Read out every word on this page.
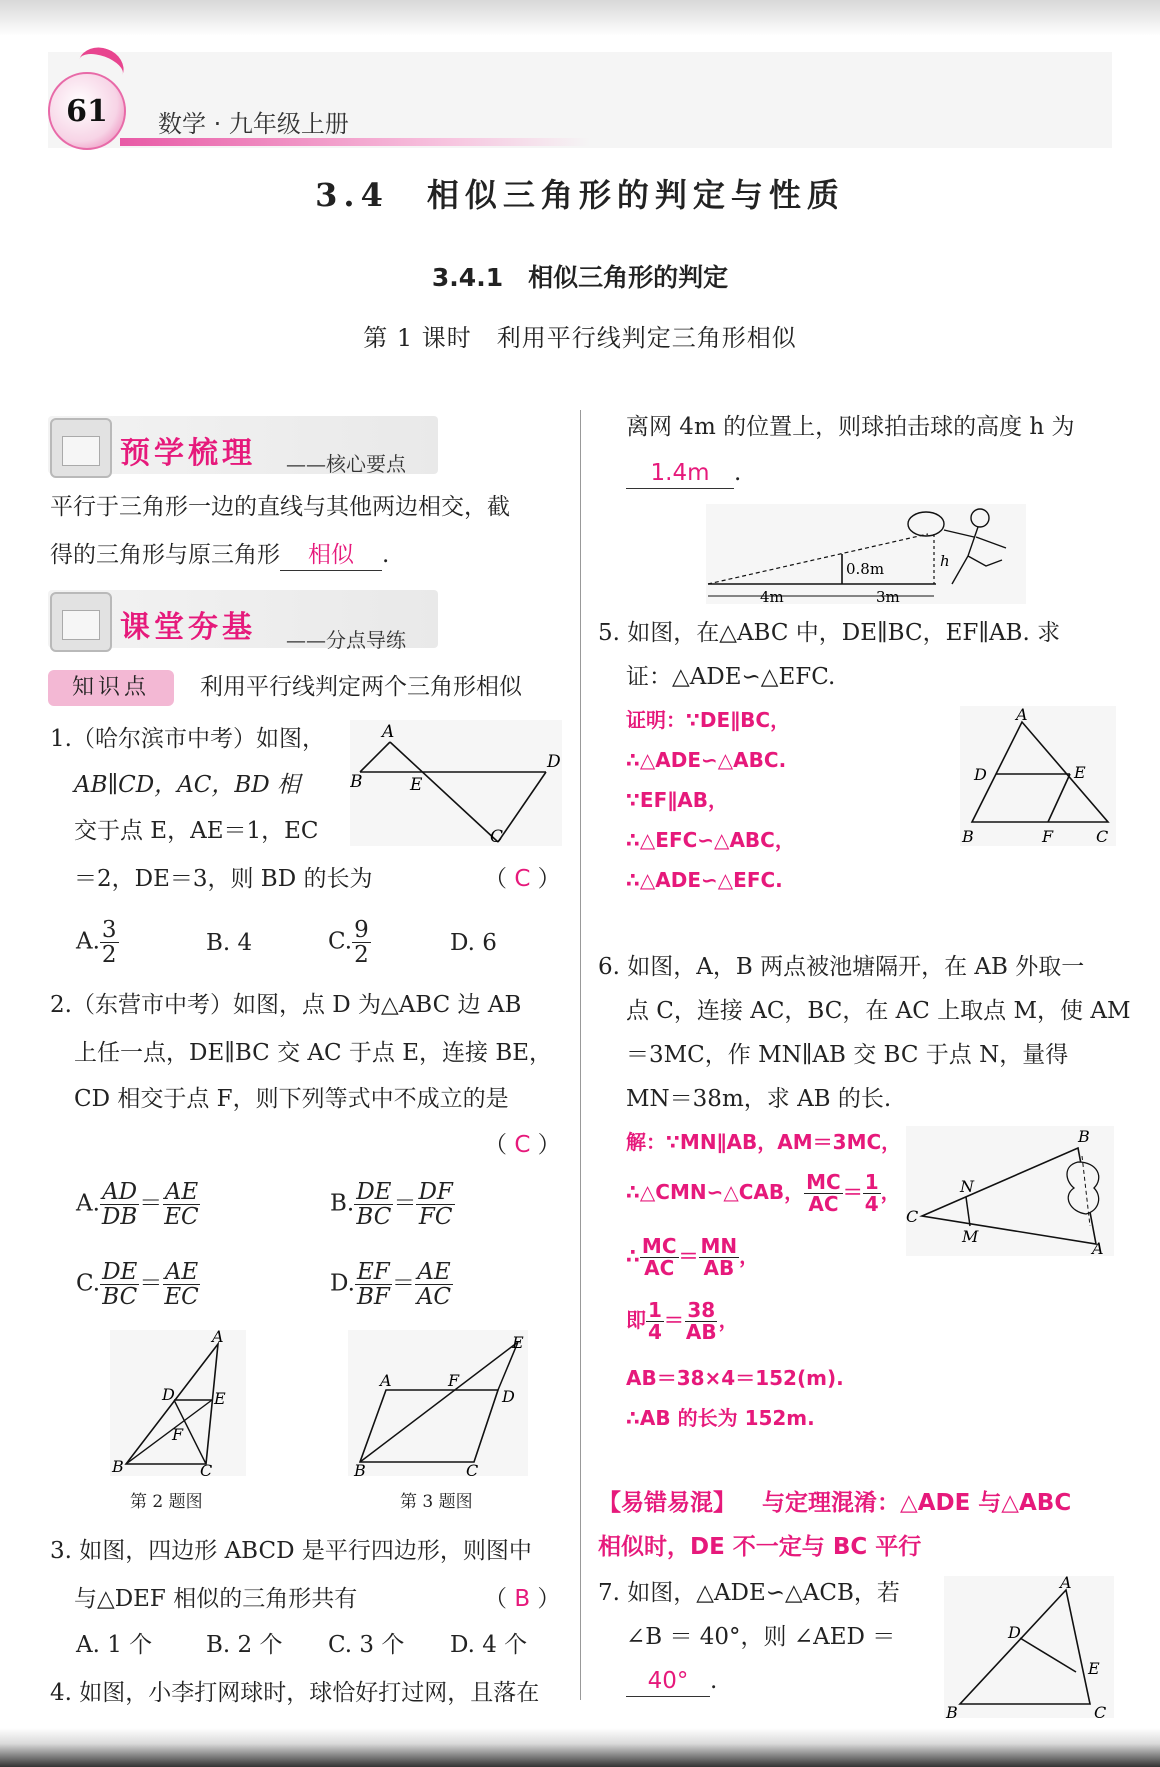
61 数学 · 九年级上册
3.4　相似三角形的判定与性质
3.4.1　相似三角形的判定
第 1 课时　利用平行线判定三角形相似
预学梳理 ——核心要点
平行于三角形一边的直线与其他两边相交，截
得的三角形与原三角形 相似 .
课堂夯基 ——分点导练
知识点	利用平行线判定两个三角形相似
1.（哈尔滨市中考）如图，
AB∥CD，AC，BD 相
交于点 E，AE＝1，EC
＝2，DE＝3，则 BD 的长为	（ C ）
A
D
B	E
C
A. $\frac{3}{2}$	B. 4	C. $\frac{9}{2}$	D. 6
2.（东营市中考）如图，点 D 为△ABC 边 AB
上任一点，DE∥BC 交 AC 于点 E，连接 BE，
CD 相交于点 F，则下列等式中不成立的是
（ C ）
A. $\frac{AD}{DB} = \frac{AE}{EC}$	B. $\frac{DE}{BC} = \frac{DF}{FC}$
C. $\frac{DE}{BC} = \frac{AE}{EC}$	D. $\frac{EF}{BF} = \frac{AE}{AC}$
A
D E
F
B	C
第 2 题图
E
A	F
D
B	C
第 3 题图
3. 如图，四边形 ABCD 是平行四边形，则图中
与△DEF 相似的三角形共有	（ B ）
A. 1 个 B. 2 个 C. 3 个 D. 4 个
4. 如图，小李打网球时，球恰好打过网，且落在
离网 4m 的位置上，则球拍击球的高度 h 为
1.4m .
0.8m	h
4m	3m
5. 如图，在△ABC 中，DE∥BC，EF∥AB. 求
证：△ADE∽△EFC.
证明：∵DE∥BC，
∴△ADE∽△ABC.
∵EF∥AB，
∴△EFC∽△ABC，
∴△ADE∽△EFC.
A
D	E
B	F	C
6. 如图，A，B 两点被池塘隔开，在 AB 外取一
点 C，连接 AC，BC，在 AC 上取点 M，使 AM
＝3MC，作 MN∥AB 交 BC 于点 N，量得
MN＝38m，求 AB 的长.
解：∵MN∥AB，AM＝3MC，
∴△CMN∽△CAB， $\frac{MC}{AC} = \frac{1}{4}$ ，
∴ $\frac{MC}{AC} = \frac{MN}{AB}$ ，
即 $\frac{1}{4} = \frac{38}{AB}$ ，
AB＝38×4＝152(m).
∴AB 的长为 152m.
B
N
C
M
A
【易错易混】 与定理混淆：△ADE 与△ABC
相似时，DE 不一定与 BC 平行
7. 如图，△ADE∽△ACB，若
∠B ＝ 40°，则 ∠AED ＝
40° .
A
D
E
B	C
